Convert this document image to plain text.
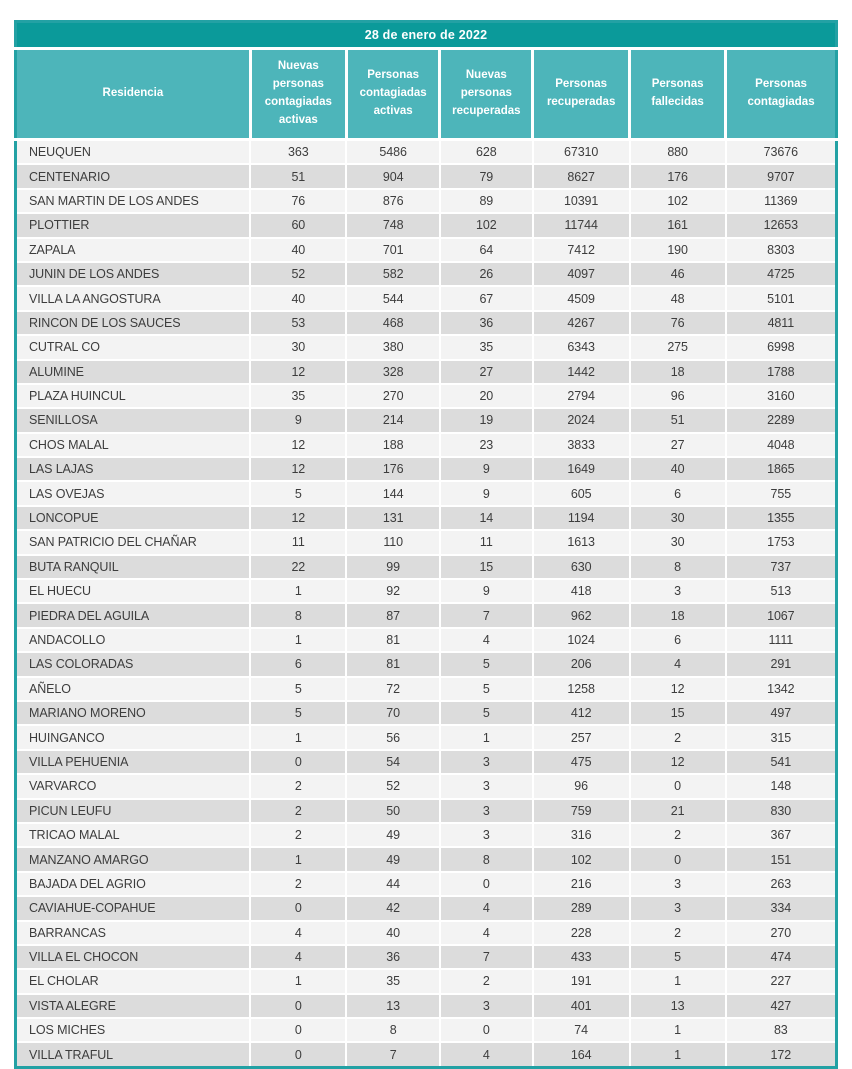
28 de enero de 2022						
Residencia	Nuevas personas contagiadas activas	Personas contagiadas activas	Nuevas personas recuperadas	Personas recuperadas	Personas fallecidas	Personas contagiadas
NEUQUEN	363	5486	628	67310	880	73676
CENTENARIO	51	904	79	8627	176	9707
SAN MARTIN DE LOS ANDES	76	876	89	10391	102	11369
PLOTTIER	60	748	102	11744	161	12653
ZAPALA	40	701	64	7412	190	8303
JUNIN DE LOS ANDES	52	582	26	4097	46	4725
VILLA LA ANGOSTURA	40	544	67	4509	48	5101
RINCON DE LOS SAUCES	53	468	36	4267	76	4811
CUTRAL CO	30	380	35	6343	275	6998
ALUMINE	12	328	27	1442	18	1788
PLAZA HUINCUL	35	270	20	2794	96	3160
SENILLOSA	9	214	19	2024	51	2289
CHOS MALAL	12	188	23	3833	27	4048
LAS LAJAS	12	176	9	1649	40	1865
LAS OVEJAS	5	144	9	605	6	755
LONCOPUE	12	131	14	1194	30	1355
SAN PATRICIO DEL CHAÑAR	11	110	11	1613	30	1753
BUTA RANQUIL	22	99	15	630	8	737
EL HUECU	1	92	9	418	3	513
PIEDRA DEL AGUILA	8	87	7	962	18	1067
ANDACOLLO	1	81	4	1024	6	1111
LAS COLORADAS	6	81	5	206	4	291
AÑELO	5	72	5	1258	12	1342
MARIANO MORENO	5	70	5	412	15	497
HUINGANCO	1	56	1	257	2	315
VILLA PEHUENIA	0	54	3	475	12	541
VARVARCO	2	52	3	96	0	148
PICUN LEUFU	2	50	3	759	21	830
TRICAO MALAL	2	49	3	316	2	367
MANZANO AMARGO	1	49	8	102	0	151
BAJADA DEL AGRIO	2	44	0	216	3	263
CAVIAHUE-COPAHUE	0	42	4	289	3	334
BARRANCAS	4	40	4	228	2	270
VILLA EL CHOCON	4	36	7	433	5	474
EL CHOLAR	1	35	2	191	1	227
VISTA ALEGRE	0	13	3	401	13	427
LOS MICHES	0	8	0	74	1	83
VILLA TRAFUL	0	7	4	164	1	172
